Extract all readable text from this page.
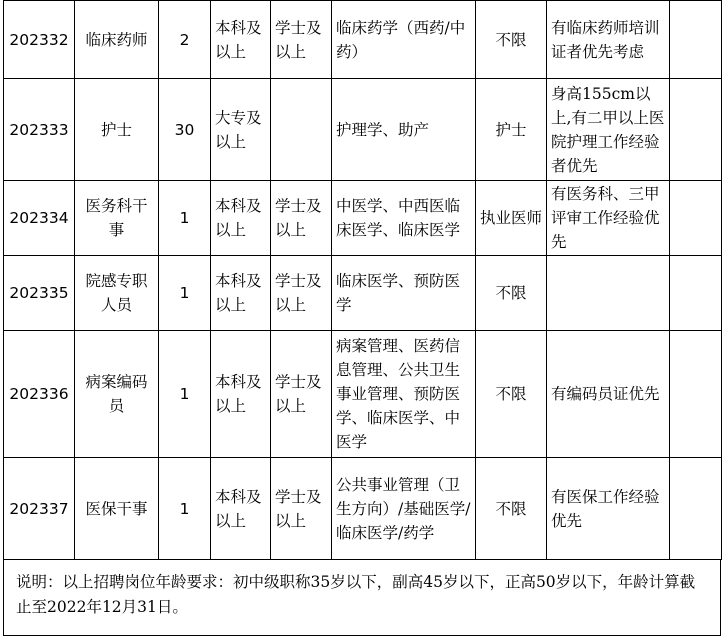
202332	临床药师	2	本科及以上	学士及以上	临床药学（西药/中药）	不限	有临床药师培训证者优先考虑	
202333	护士	30	大专及以上		护理学、助产	护士	身高155cm以上,有二甲以上医院护理工作经验者优先	
202334	医务科干事	1	本科及以上	学士及以上	中医学、中西医临床医学、临床医学	执业医师	有医务科、三甲评审工作经验优先	
202335	院感专职人员	1	本科及以上	学士及以上	临床医学、预防医学	不限		
202336	病案编码员	1	本科及以上	学士及以上	病案管理、医药信息管理、公共卫生事业管理、预防医学、临床医学、中医学	不限	有编码员证优先	
202337	医保干事	1	本科及以上	学士及以上	公共事业管理（卫生方向）/基础医学/临床医学/药学	不限	有医保工作经验优先	
说明：以上招聘岗位年龄要求：初中级职称35岁以下，副高45岁以下，正高50岁以下，年龄计算截止至2022年12月31日。
